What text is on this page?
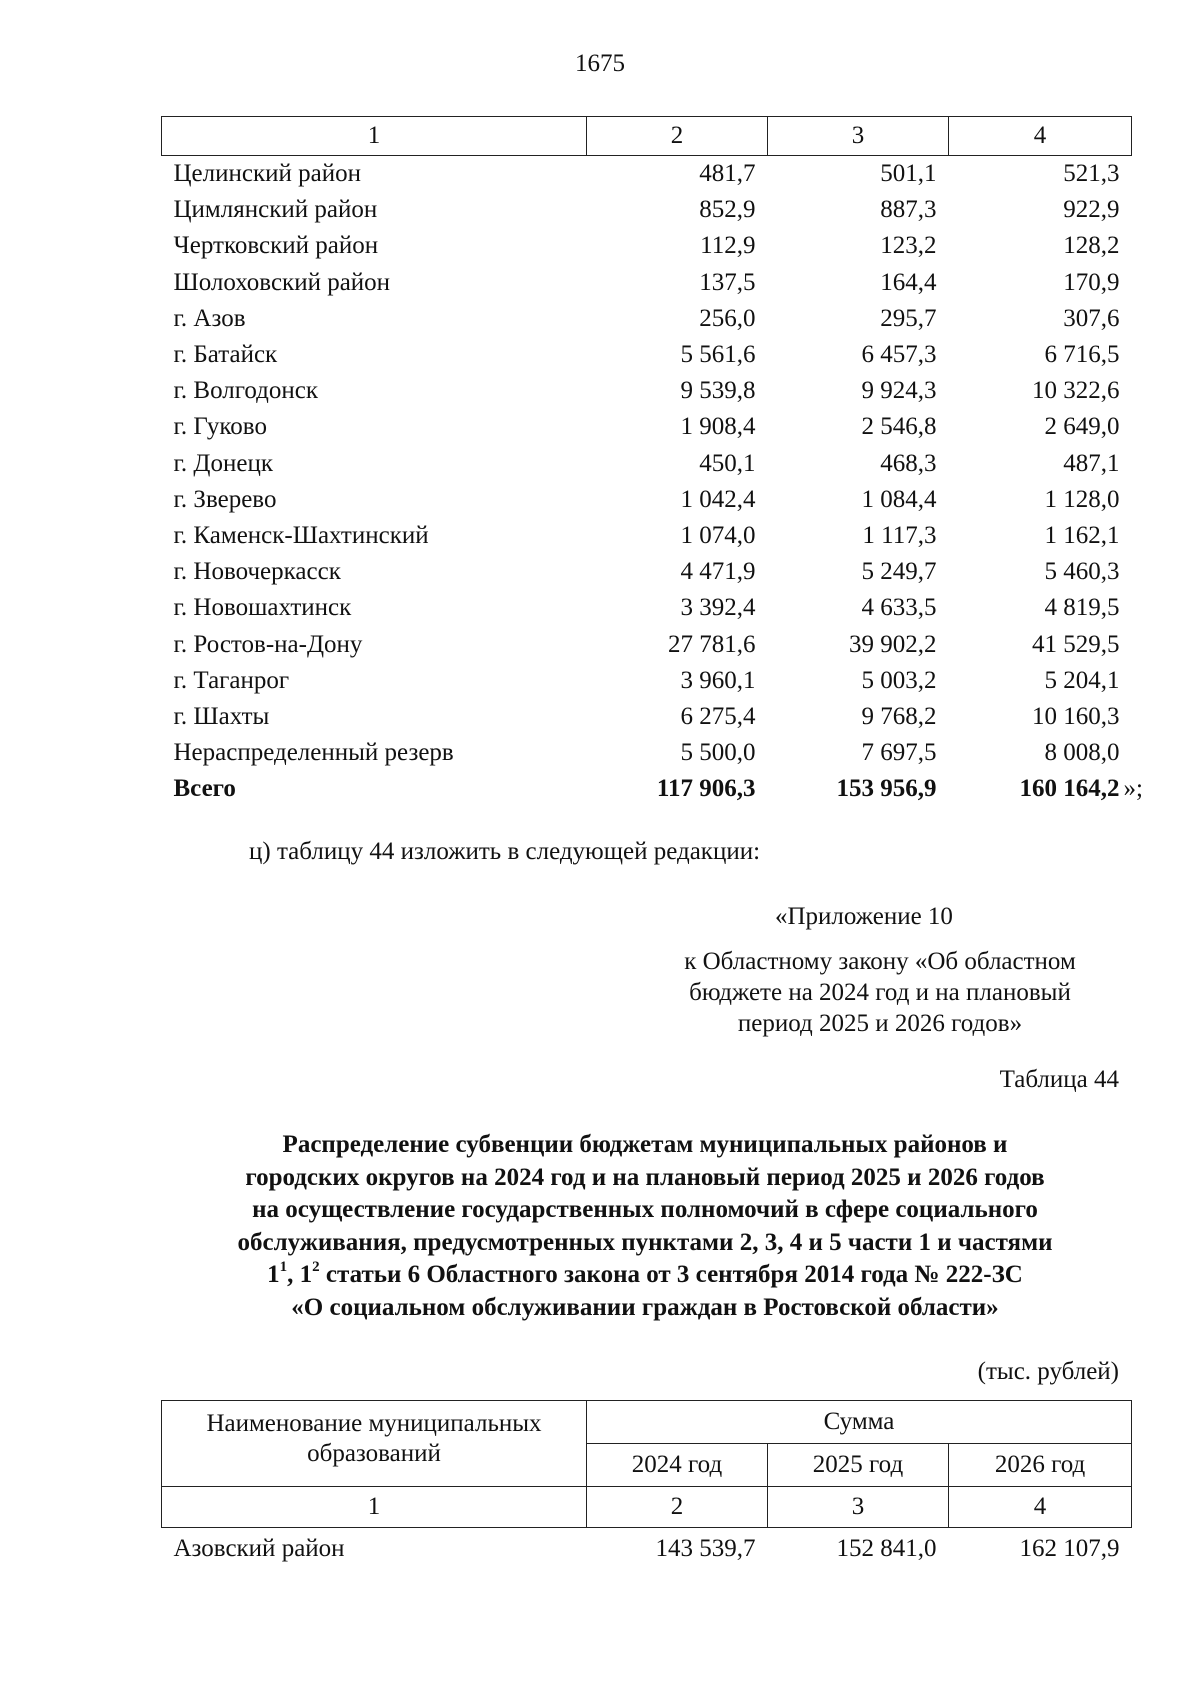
1675
1	2	3	4
Целинский район	481,7	501,1	521,3
Цимлянский район	852,9	887,3	922,9
Чертковский район	112,9	123,2	128,2
Шолоховский район	137,5	164,4	170,9
г. Азов	256,0	295,7	307,6
г. Батайск	5 561,6	6 457,3	6 716,5
г. Волгодонск	9 539,8	9 924,3	10 322,6
г. Гуково	1 908,4	2 546,8	2 649,0
г. Донецк	450,1	468,3	487,1
г. Зверево	1 042,4	1 084,4	1 128,0
г. Каменск-Шахтинский	1 074,0	1 117,3	1 162,1
г. Новочеркасск	4 471,9	5 249,7	5 460,3
г. Новошахтинск	3 392,4	4 633,5	4 819,5
г. Ростов-на-Дону	27 781,6	39 902,2	41 529,5
г. Таганрог	3 960,1	5 003,2	5 204,1
г. Шахты	6 275,4	9 768,2	10 160,3
Нераспределенный резерв	5 500,0	7 697,5	8 008,0
Всего	117 906,3	153 956,9	160 164,2 »;
ц) таблицу 44 изложить в следующей редакции:
«Приложение 10
к Областному закону «Об областном
бюджете на 2024 год и на плановый
период 2025 и 2026 годов»
Таблица 44
Распределение субвенции бюджетам муниципальных районов и
городских округов на 2024 год и на плановый период 2025 и 2026 годов
на осуществление государственных полномочий в сфере социального
обслуживания, предусмотренных пунктами 2, 3, 4 и 5 части 1 и частями
$1^1$, $1^2$ статьи 6 Областного закона от 3 сентября 2014 года № 222-ЗС
«О социальном обслуживании граждан в Ростовской области»
(тыс. рублей)
Наименование муниципальных образований	Сумма		
	2024 год	2025 год	2026 год
1	2	3	4
Азовский район	143 539,7	152 841,0	162 107,9
